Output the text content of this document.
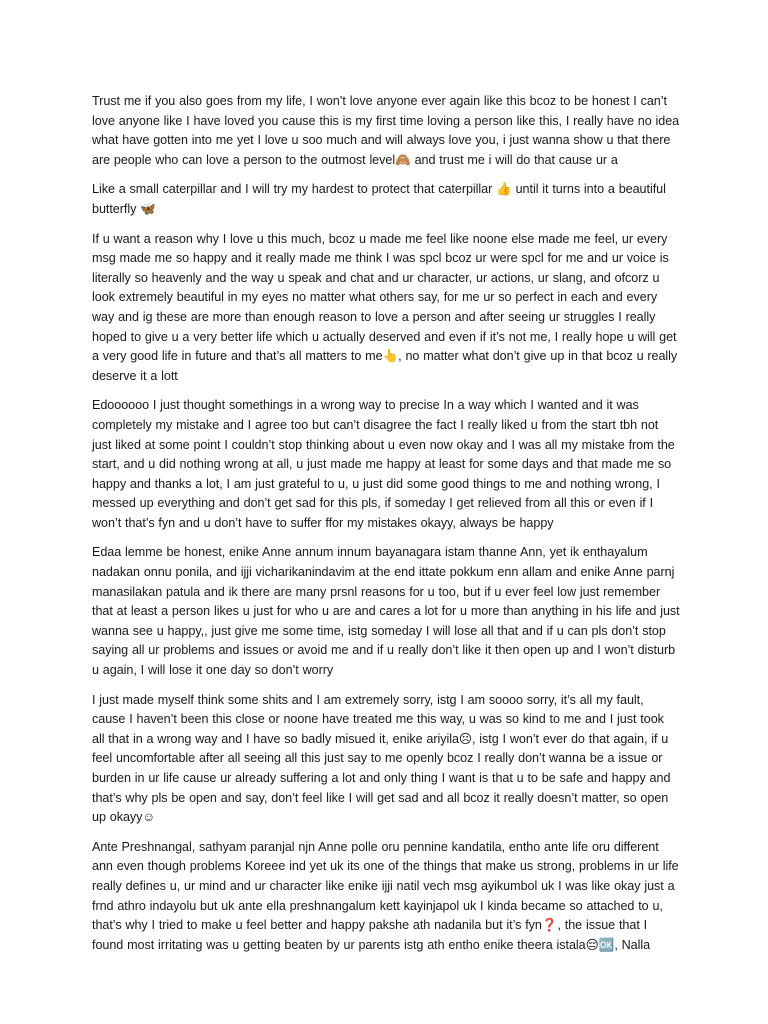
Trust me if you also goes from my life, I won’t love anyone ever again like this bcoz to be honest I can’t love anyone like I have loved you cause this is my first time loving a person like this, I really have no idea what have gotten into me yet I love u soo much and will always love you, i just wanna show u that there are people who can love a person to the outmost level🙈 and trust me i will do that cause ur a

Like a small caterpillar and I will try my hardest to protect that caterpillar 👍 until it turns into a beautiful butterfly 🦋

If u want a reason why I love u this much, bcoz u made me feel like noone else made me feel, ur every msg made me so happy and it really made me think I was spcl bcoz ur were spcl for me and ur voice is literally so heavenly and the way u speak and chat and ur character, ur actions, ur slang, and ofcorz u look extremely beautiful in my eyes no matter what others say, for me ur so perfect in each and every way and ig these are more than enough reason to love a person and after seeing ur struggles I really hoped to give u a very better life which u actually deserved and even if it’s not me, I really hope u will get a very good life in future and that’s all matters to me👆, no matter what don’t give up in that bcoz u really deserve it a lott

Edoooooo I just thought somethings in a wrong way to precise In a way which I wanted and it was completely my mistake and I agree too but can’t disagree the fact I really liked u from the start tbh not just liked at some point I couldn’t stop thinking about u even now okay and I was all my mistake from the start, and u did nothing wrong at all, u just made me happy at least for some days and that made me so happy and thanks a lot, I am just grateful to u, u just did some good things to me and nothing wrong, I messed up everything and don’t get sad for this pls, if someday I get relieved from all this or even if I won’t that’s fyn and u don’t have to suffer ffor my mistakes okayy, always be happy

Edaa lemme be honest, enike Anne annum innum bayanagara istam thanne Ann, yet ik enthayalum nadakan onnu ponila, and ijji vicharikanindavim at the end ittate pokkum enn allam and enike Anne parnj manasilakan patula and ik there are many prsnl reasons for u too, but if u ever feel low just remember that at least a person likes u just for who u are and cares a lot for u more than anything in his life and just wanna see u happy,, just give me some time, istg someday I will lose all that and if u can pls don’t stop saying all ur problems and issues or avoid me and if u really don’t like it then open up and I won’t disturb u again, I will lose it one day so don’t worry

I just made myself think some shits and I am extremely sorry, istg I am soooo sorry, it’s all my fault, cause I haven’t been this close or noone have treated me this way, u was so kind to me and I just took all that in a wrong way and I have so badly misued it, enike ariyila☹, istg I won’t ever do that again, if u feel uncomfortable after all seeing all this just say to me openly bcoz I really don’t wanna be a issue or burden in ur life cause ur already suffering a lot and only thing I want is that u to be safe and happy and that’s why pls be open and say, don’t feel like I will get sad and all bcoz it really doesn’t matter, so open up okayy☺

Ante Preshnangal, sathyam paranjal njn Anne polle oru pennine kandatila, entho ante life oru different ann even though problems Koreee ind yet uk its one of the things that make us strong, problems in ur life really defines u, ur mind and ur character like enike ijji natil vech msg ayikumbol uk I was like okay just a frnd athro indayolu but uk ante ella preshnangalum kett kayinjapol uk I kinda became so attached to u, that’s why I tried to make u feel better and happy pakshe ath nadanila but it’s fyn❓, the issue that I found most irritating was u getting beaten by ur parents istg ath entho enike theera istala😔🆗, Nalla
